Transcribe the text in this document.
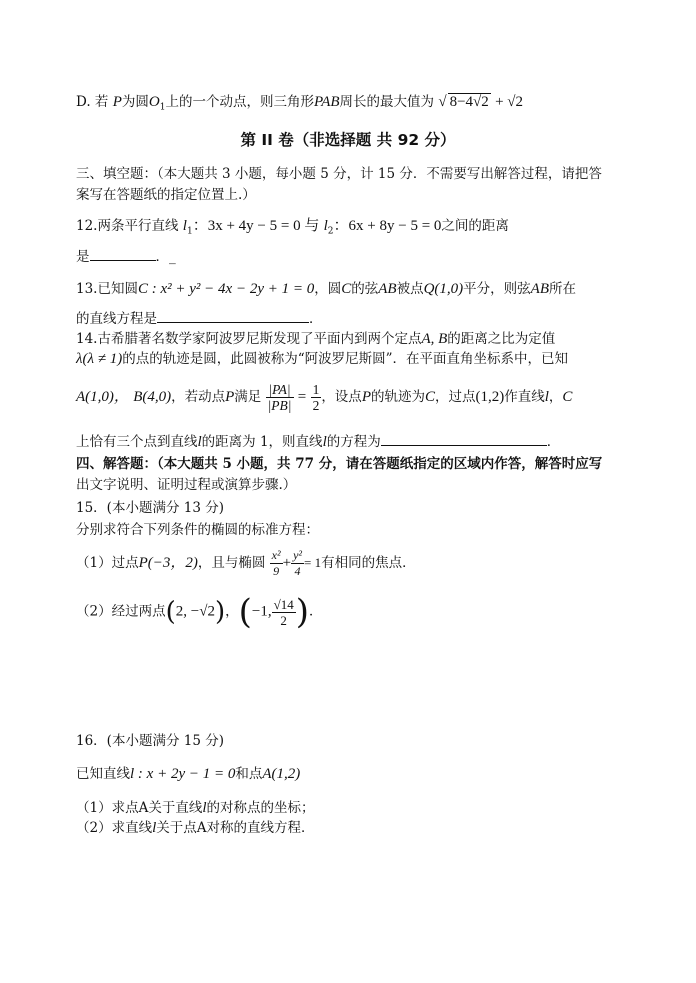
D. 若 P为圆$O_1$上的一个动点，则三角形PAB周长的最大值为 √ 8−4√2 + √2
第 II 卷（非选择题 共 92 分）
三、填空题：（本大题共 3 小题，每小题 5 分，计 15 分．不需要写出解答过程，请把答
案写在答题纸的指定位置上.）
12.两条平行直线 $l_1$：3x + 4y − 5 = 0 与 $l_2$：6x + 8y − 5 = 0之间的距离
是	．_
13.已知圆C : x² + y² − 4x − 2y + 1 = 0，圆C的弦AB被点Q(1,0)平分，则弦AB所在
的直线方程是	．
14.古希腊著名数学家阿波罗尼斯发现了平面内到两个定点A, B的距离之比为定值
λ(λ ≠ 1)的点的轨迹是圆，此圆被称为“阿波罗尼斯圆”．在平面直角坐标系中，已知
A(1,0)， B(4,0)，若动点P满足 $\frac{|PA|}{|PB|} = \frac{1}{2}$ ，设点P的轨迹为C，过点(1,2)作直线l，C
上恰有三个点到直线l的距离为 1，则直线l的方程为	．
四、解答题：（本大题共 5 小题，共 77 分，请在答题纸指定的区域内作答，解答时应写
出文字说明、证明过程或演算步骤.）
15．(本小题满分 13 分)
分别求符合下列条件的椭圆的标准方程：
（1）过点P(−3，2)，且与椭圆 $\frac{\text{x²}}{9} + \frac{\text{y²}}{4} = 1$有相同的焦点．
（2）经过两点(2, −√2)，(−1, $\frac{√14}{2}$ )．
16．(本小题满分 15 分)
已知直线l : x + 2y − 1 = 0和点A(1,2)
（1）求点A关于直线l的对称点的坐标；
（2）求直线l关于点A对称的直线方程．
